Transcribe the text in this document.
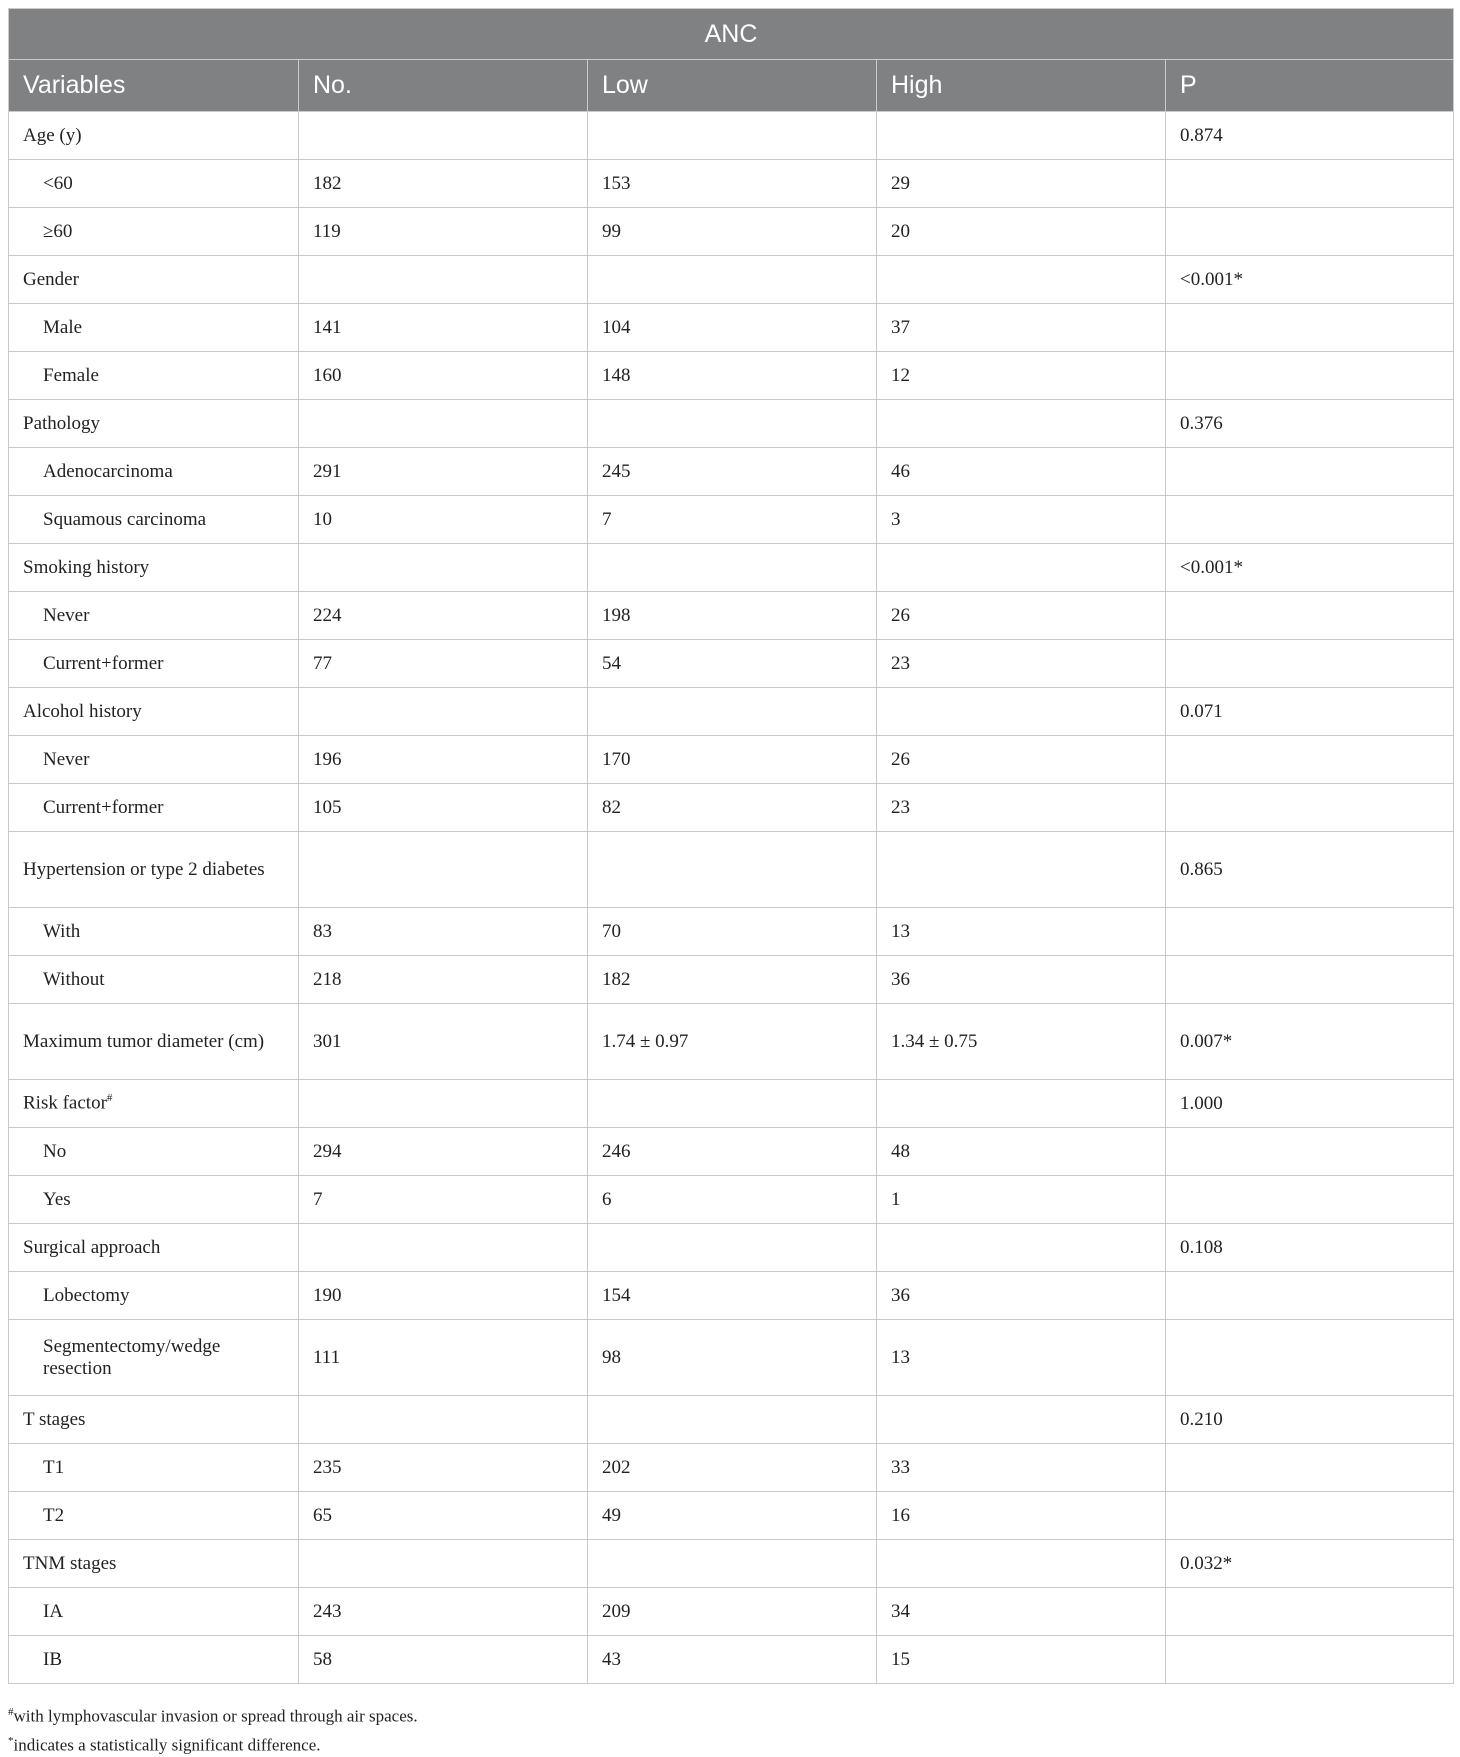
ANC				
Variables	No.	Low	High	P
Age (y)				0.874
<60	182	153	29	
≥60	119	99	20	
Gender				<0.001*
Male	141	104	37	
Female	160	148	12	
Pathology				0.376
Adenocarcinoma	291	245	46	
Squamous carcinoma	10	7	3	
Smoking history				<0.001*
Never	224	198	26	
Current+former	77	54	23	
Alcohol history				0.071
Never	196	170	26	
Current+former	105	82	23	
Hypertension or type 2 diabetes				0.865
With	83	70	13	
Without	218	182	36	
Maximum tumor diameter (cm)	301	1.74 ± 0.97	1.34 ± 0.75	0.007*
Risk factor#				1.000
No	294	246	48	
Yes	7	6	1	
Surgical approach				0.108
Lobectomy	190	154	36	
Segmentectomy/wedge resection	111	98	13	
T stages				0.210
T1	235	202	33	
T2	65	49	16	
TNM stages				0.032*
IA	243	209	34	
IB	58	43	15	
#with lymphovascular invasion or spread through air spaces.
*indicates a statistically significant difference.
